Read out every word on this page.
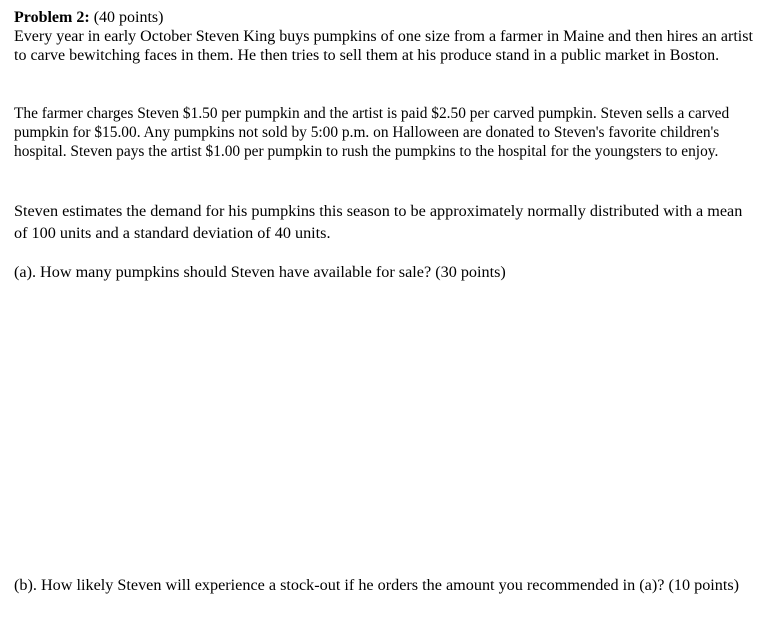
Problem 2: (40 points)
Every year in early October Steven King buys pumpkins of one size from a farmer in Maine and then hires an artist to carve bewitching faces in them. He then tries to sell them at his produce stand in a public market in Boston.

The farmer charges Steven $1.50 per pumpkin and the artist is paid $2.50 per carved pumpkin. Steven sells a carved pumpkin for $15.00. Any pumpkins not sold by 5:00 p.m. on Halloween are donated to Steven's favorite children's hospital. Steven pays the artist $1.00 per pumpkin to rush the pumpkins to the hospital for the youngsters to enjoy.

Steven estimates the demand for his pumpkins this season to be approximately normally distributed with a mean of 100 units and a standard deviation of 40 units.

(a). How many pumpkins should Steven have available for sale? (30 points)

(b). How likely Steven will experience a stock-out if he orders the amount you recommended in (a)? (10 points)
